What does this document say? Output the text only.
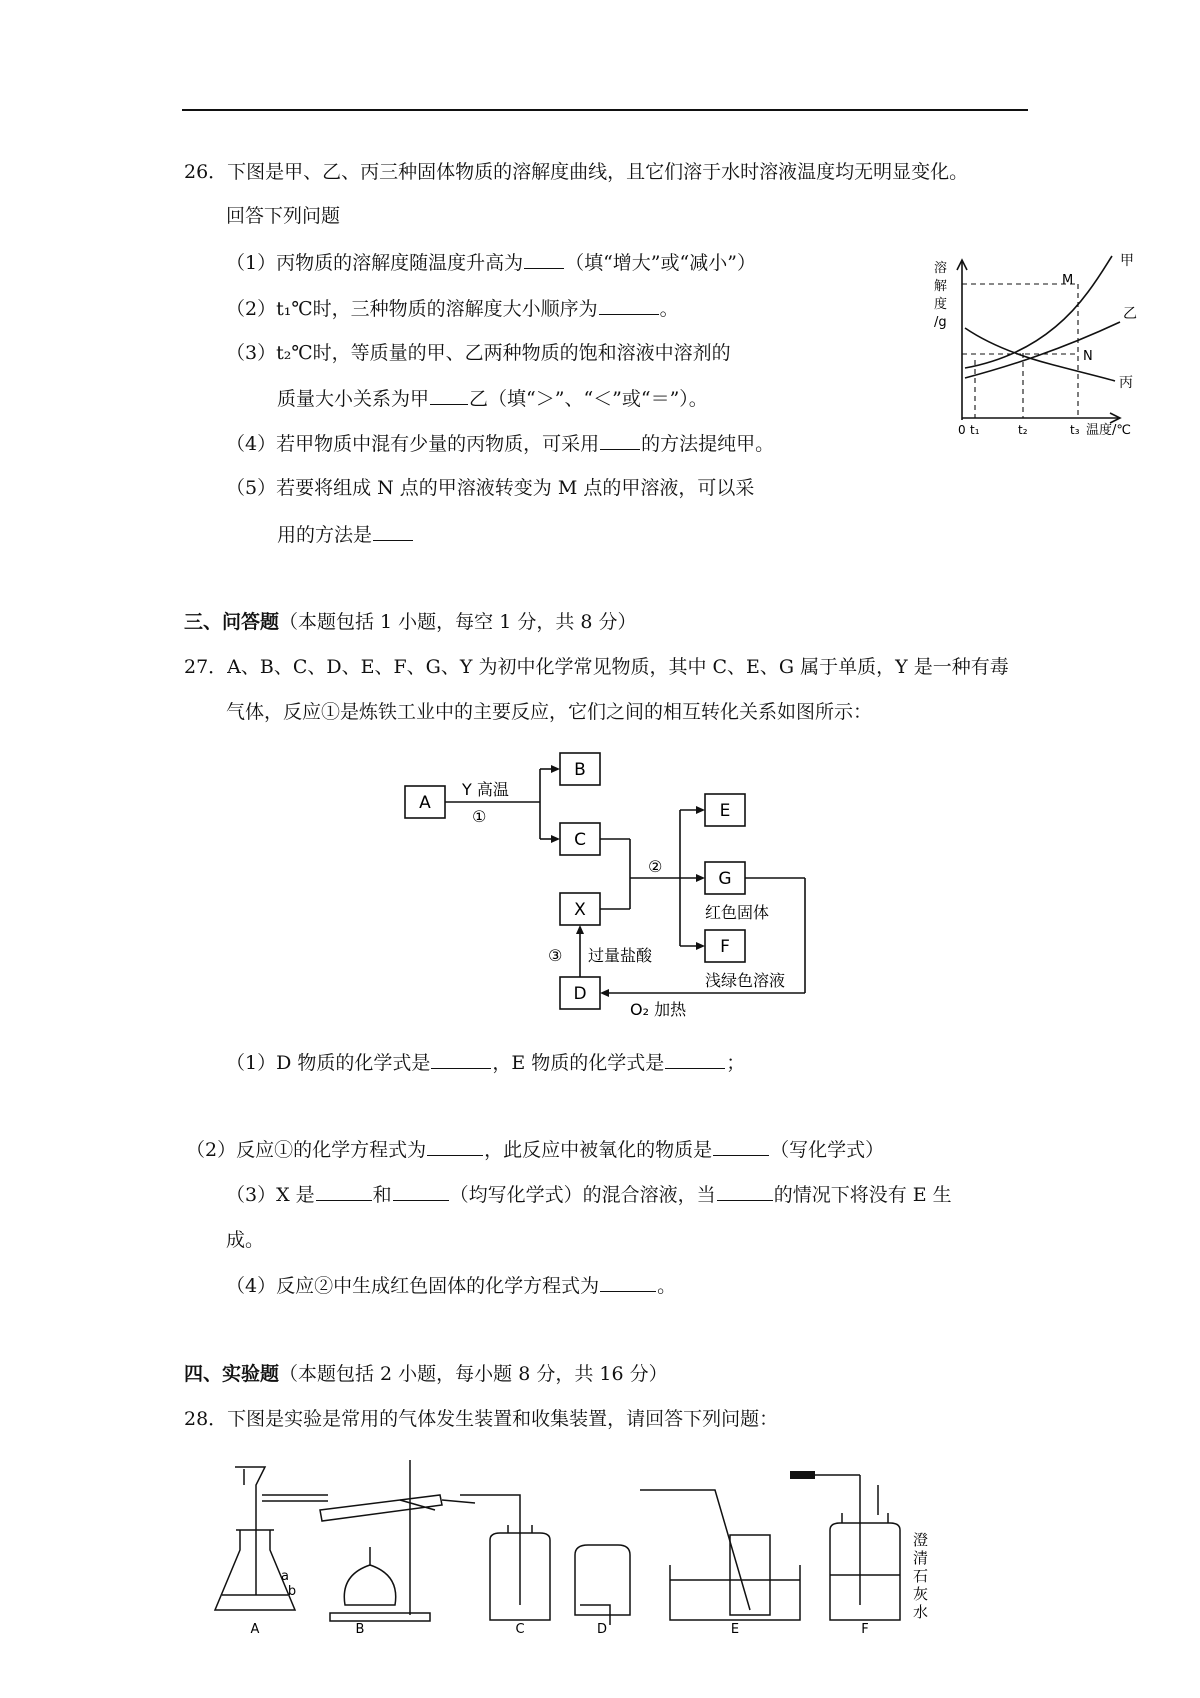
26．下图是甲、乙、丙三种固体物质的溶解度曲线，且它们溶于水时溶液温度均无明显变化。
回答下列问题
（1）丙物质的溶解度随温度升高为 （填“增大”或“减小”）
（2）t₁℃时，三种物质的溶解度大小顺序为	。
（3）t₂℃时，等质量的甲、乙两种物质的饱和溶液中溶剂的
质量大小关系为甲 乙（填“＞”、“＜”或“＝”）。
（4）若甲物质中混有少量的丙物质，可采用 的方法提纯甲。
（5）若要将组成 N 点的甲溶液转变为 M 点的甲溶液，可以采
用的方法是
溶
解
度
/g
0 t₁	t₂	t₃ 温度/℃
甲
乙
丙
M
N
三、问答题（本题包括 1 小题，每空 1 分，共 8 分）
27．A、B、C、D、E、F、G、Y 为初中化学常见物质，其中 C、E、G 属于单质，Y 是一种有毒
气体，反应①是炼铁工业中的主要反应，它们之间的相互转化关系如图所示：
A
B
C
X
D
E
G
F
Y 高温
①
②
③ 过量盐酸
红色固体
浅绿色溶液
O₂ 加热
（1）D 物质的化学式是	，E 物质的化学式是	；
（2）反应①的化学方程式为	，此反应中被氧化的物质是	（写化学式）
（3）X 是	和	（均写化学式）的混合溶液，当	的情况下将没有 E 生
成。
（4）反应②中生成红色固体的化学方程式为	。
四、实验题（本题包括 2 小题，每小题 8 分，共 16 分）
28．下图是实验是常用的气体发生装置和收集装置，请回答下列问题：
A	B	C	D	E	F
a
b
澄
清
石
灰
水
